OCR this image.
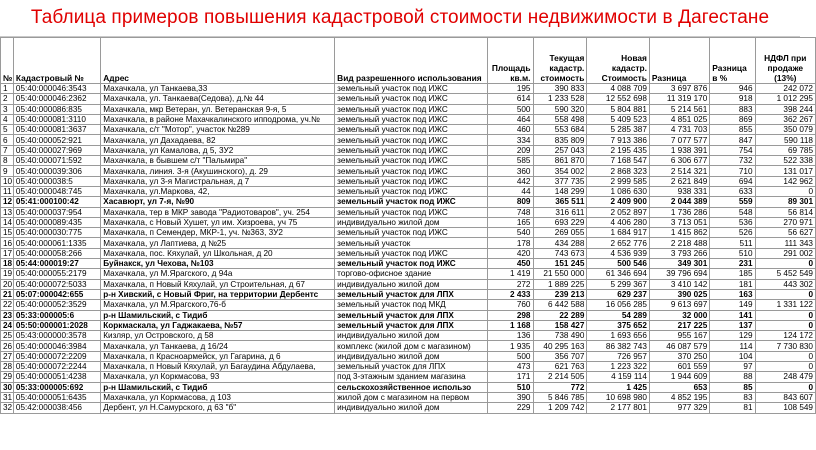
Таблица примеров повышения кадастровой стоимости недвижимости в Дагестане
№	Кадастровый №	Адрес	Вид разрешенного использования	Площадь кв.м.	Текущая кадастр. стоимость	Новая кадастр. Стоимость	Разница	Разница в %	НДФЛ при продаже (13%)
1	05:40:000046:3543	Махачкала, ул Танкаева,33	земельный участок под ИЖС	195	390 833	4 088 709	3 697 876	946	242 072
2	05:40:000046:2362	Махачкала, ул. Танкаева(Седова), д.№ 44	земельный участок под ИЖС	614	1 233 528	12 552 698	11 319 170	918	1 012 295
3	05:40:000086:835	Махачкала, мкр Ветеран, ул. Ветеранская 9-я, 5	земельный участок под ИЖС	500	590 320	5 804 881	5 214 561	883	398 244
4	05:40:000081:3110	Махачкала, в районе Махачкалинского ипподрома, уч.№	земельный участок под ИЖС	464	558 498	5 409 523	4 851 025	869	362 267
5	05:40:000081:3637	Махачкала, с/т "Мотор", участок №289	земельный участок под ИЖС	460	553 684	5 285 387	4 731 703	855	350 079
6	05:40:000052:921	Махачкала, ул Дахадаева, 82	земельный участок под ИЖС	334	835 809	7 913 386	7 077 577	847	590 118
7	05:40:000027:969	Махачкала, ул Камалова, д 5, 3У2	земельный участок под ИЖС	209	257 043	2 195 435	1 938 391	754	69 785
8	05:40:000071:592	Махачкала, в бывшем с/т "Пальмира"	земельный участок под ИЖС	585	861 870	7 168 547	6 306 677	732	522 338
9	05:40:000039:306	Махачкала, линия. 3-я (Акушинского), д. 29	земельный участок под ИЖС	360	354 002	2 868 323	2 514 321	710	131 017
10	05:40:000038:5	Махачкала, ул 3-я Магистральная, д 7	земельный участок под ИЖС	442	377 735	2 999 585	2 621 849	694	142 962
11	05:40:000048:745	Махачкала, ул.Маркова, 42,	земельный участок под ИЖС	44	148 299	1 086 630	938 331	633	0
12	05:41:000100:42	Хасавюрт, ул 7-я, №90	земельный участок под ИЖС	809	365 511	2 409 900	2 044 389	559	89 301
13	05:40:000037:954	Махачкала, тер в МКР завода "Радиотоваров", уч. 254	земельный участок под ИЖС	748	316 611	2 052 897	1 736 286	548	56 814
14	05:40:000089:435	Махачкала, с Новый Хушет, ул им. Хизроева, уч 75	индивидуально жилой дом	165	693 229	4 406 280	3 713 051	536	270 971
15	05:40:000030:775	Махачкала, п Семендер, МКР-1, уч. №363, 3У2	земельный участок под ИЖС	540	269 055	1 684 917	1 415 862	526	56 627
16	05:40:000061:1335	Махачкала, ул Лаптиева, д №25	земельный участок	178	434 288	2 652 776	2 218 488	511	111 343
17	05:40:000058:266	Махачкала, пос. Кяхулай, ул Школьная, д 20	земельный участок под ИЖС	420	743 673	4 536 939	3 793 266	510	291 002
18	05:44:000019:27	Буйнакск, ул Чехова, №103	земельный участок под ИЖС	450	151 245	500 546	349 301	231	0
19	05:40:000055:2179	Махачкала, ул М.Ярагского, д 94а	торгово-офисное здание	1 419	21 550 000	61 346 694	39 796 694	185	5 452 549
20	05:40:000072:5033	Махачкала, п Новый Кяхулай, ул Строительная, д 67	индивидуально жилой дом	272	1 889 225	5 299 367	3 410 142	181	443 302
21	05:07:000042:655	р-н Хивский, с Новый Фриг, на территории Дербентс	земельный участок для ЛПХ	2 433	239 213	629 237	390 025	163	0
22	05:40:000052:3529	Махачкала, ул М.Ярагского,76-б	земельный участок под МКД	760	6 442 588	16 056 285	9 613 697	149	1 331 122
23	05:33:000005:6	р-н Шамильский, с Тидиб	земельный участок для ЛПХ	298	22 289	54 289	32 000	141	0
24	05:50:000001:2028	Коркмаскала, ул Гаджакаева, №57	земельный участок для ЛПХ	1 168	158 427	375 652	217 225	137	0
25	05:43:000000:3578	Кизляр, ул Островского, д 58	индивидуально жилой дом	136	738 490	1 693 656	955 167	129	124 172
26	05:40:000046:3984	Махачкала, ул Танкаева, д 16/24	комплекс (жилой дом с магазином)	1 935	40 295 163	86 382 743	46 087 579	114	7 730 830
27	05:40:000072:2209	Махачкала, п Красноармейск, ул Гагарина, д 6	индивидуально жилой дом	500	356 707	726 957	370 250	104	0
28	05:40:000072:2244	Махачкала, п Новый Кяхулай, ул Багаудина Абдулаева,	земельный участок для ЛПХ	473	621 763	1 223 322	601 559	97	0
29	05:40:000051:4238	Махачкала, ул Коркмасова, 93	под 3-этажным зданием магазина	171	2 214 505	4 159 114	1 944 609	88	248 479
30	05:33:000005:692	р-н Шамильский, с Тидиб	сельскохозяйственное использо	510	772	1 425	653	85	0
31	05:40:000051:6435	Махачкала, ул Коркмасова, д 103	жилой дом с магазином на первом	390	5 846 785	10 698 980	4 852 195	83	843 607
32	05:42:000038:456	Дербент, ул Н.Самурского, д 63 "б"	индивидуально жилой дом	229	1 209 742	2 177 801	977 329	81	108 549
